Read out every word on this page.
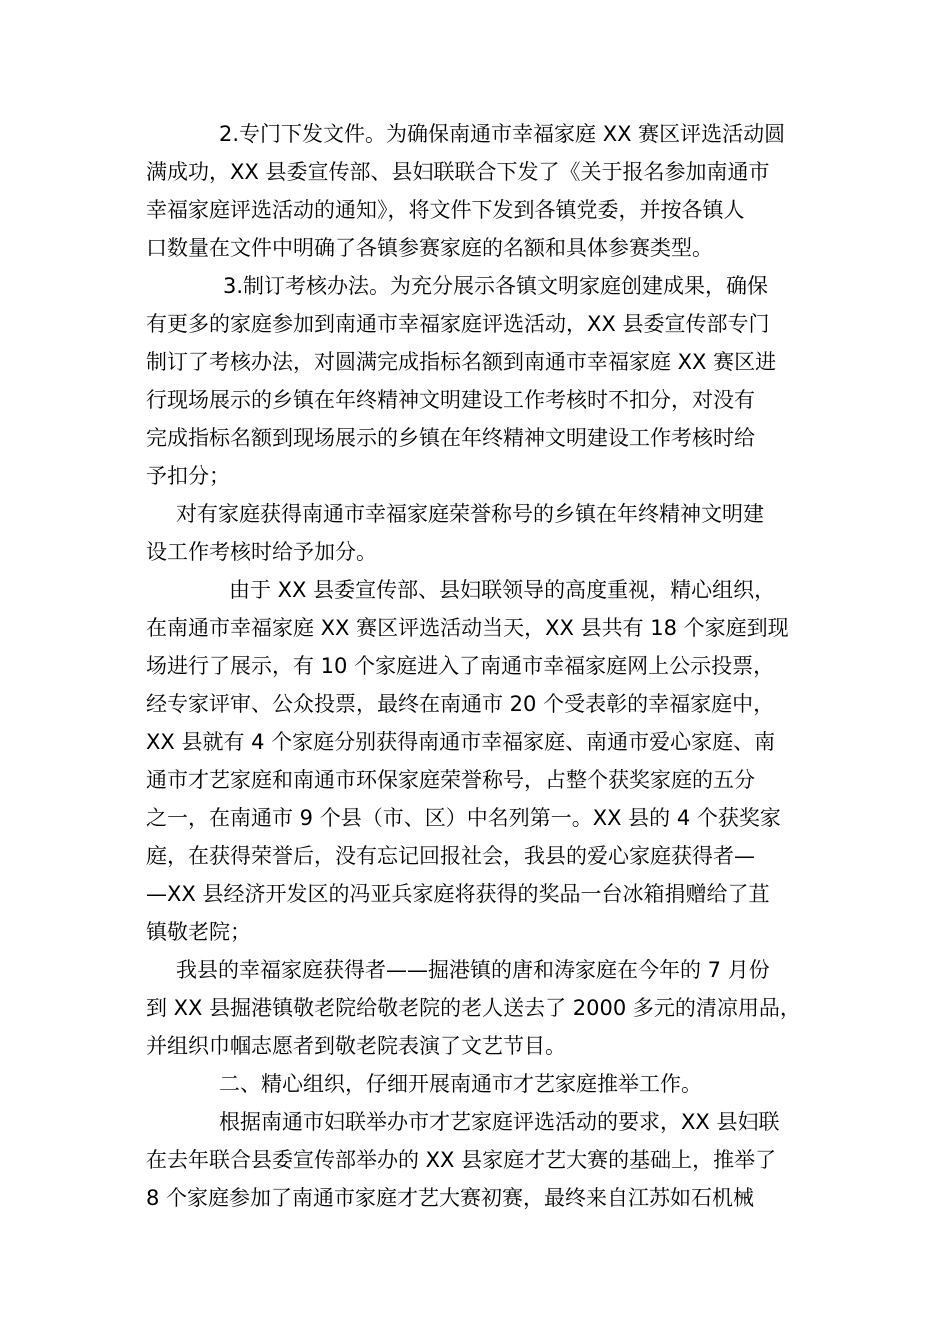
2.专门下发文件。为确保南通市幸福家庭 XX 赛区评选活动圆
满成功，XX 县委宣传部、县妇联联合下发了《关于报名参加南通市
幸福家庭评选活动的通知》，将文件下发到各镇党委，并按各镇人
口数量在文件中明确了各镇参赛家庭的名额和具体参赛类型。
3.制订考核办法。为充分展示各镇文明家庭创建成果，确保
有更多的家庭参加到南通市幸福家庭评选活动，XX 县委宣传部专门
制订了考核办法，对圆满完成指标名额到南通市幸福家庭 XX 赛区进
行现场展示的乡镇在年终精神文明建设工作考核时不扣分，对没有
完成指标名额到现场展示的乡镇在年终精神文明建设工作考核时给
予扣分；
对有家庭获得南通市幸福家庭荣誉称号的乡镇在年终精神文明建
设工作考核时给予加分。
由于 XX 县委宣传部、县妇联领导的高度重视，精心组织，
在南通市幸福家庭 XX 赛区评选活动当天，XX 县共有 18 个家庭到现
场进行了展示，有 10 个家庭进入了南通市幸福家庭网上公示投票，
经专家评审、公众投票，最终在南通市 20 个受表彰的幸福家庭中，
XX 县就有 4 个家庭分别获得南通市幸福家庭、南通市爱心家庭、南
通市才艺家庭和南通市环保家庭荣誉称号，占整个获奖家庭的五分
之一，在南通市 9 个县（市、区）中名列第一。XX 县的 4 个获奖家
庭，在获得荣誉后，没有忘记回报社会，我县的爱心家庭获得者—
—XX 县经济开发区的冯亚兵家庭将获得的奖品一台冰箱捐赠给了苴
镇敬老院；
我县的幸福家庭获得者——掘港镇的唐和涛家庭在今年的 7 月份
到 XX 县掘港镇敬老院给敬老院的老人送去了 2000 多元的清凉用品，
并组织巾帼志愿者到敬老院表演了文艺节目。
二、精心组织，仔细开展南通市才艺家庭推举工作。
根据南通市妇联举办市才艺家庭评选活动的要求，XX 县妇联
在去年联合县委宣传部举办的 XX 县家庭才艺大赛的基础上，推举了
8 个家庭参加了南通市家庭才艺大赛初赛，最终来自江苏如石机械
